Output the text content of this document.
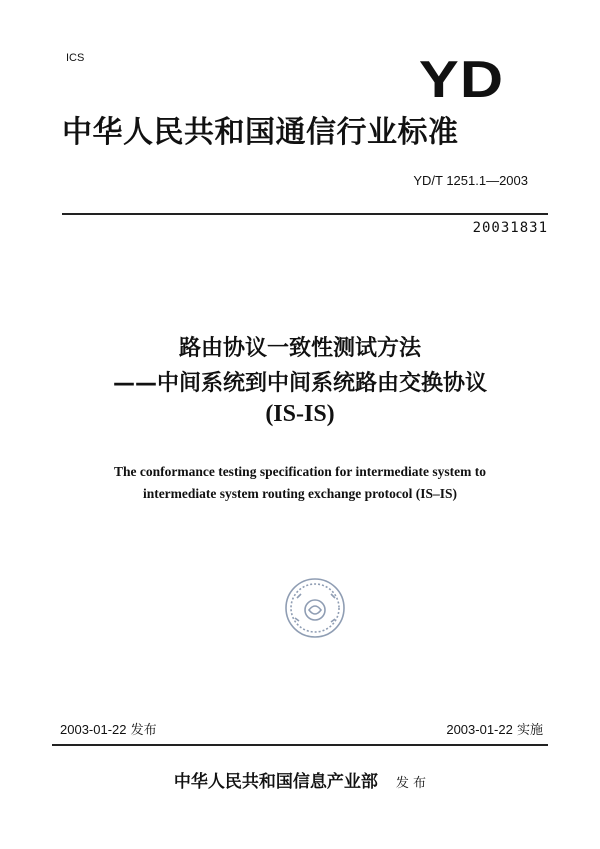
ICS	YD
中华人民共和国通信行业标准
YD/T 1251.1—2003
20031831
路由协议一致性测试方法
——中间系统到中间系统路由交换协议
(IS-IS)
The conformance testing specification for intermediate system to
intermediate system routing exchange protocol (IS–IS)
2003-01-22 发布	2003-01-22 实施
中华人民共和国信息产业部 发 布
